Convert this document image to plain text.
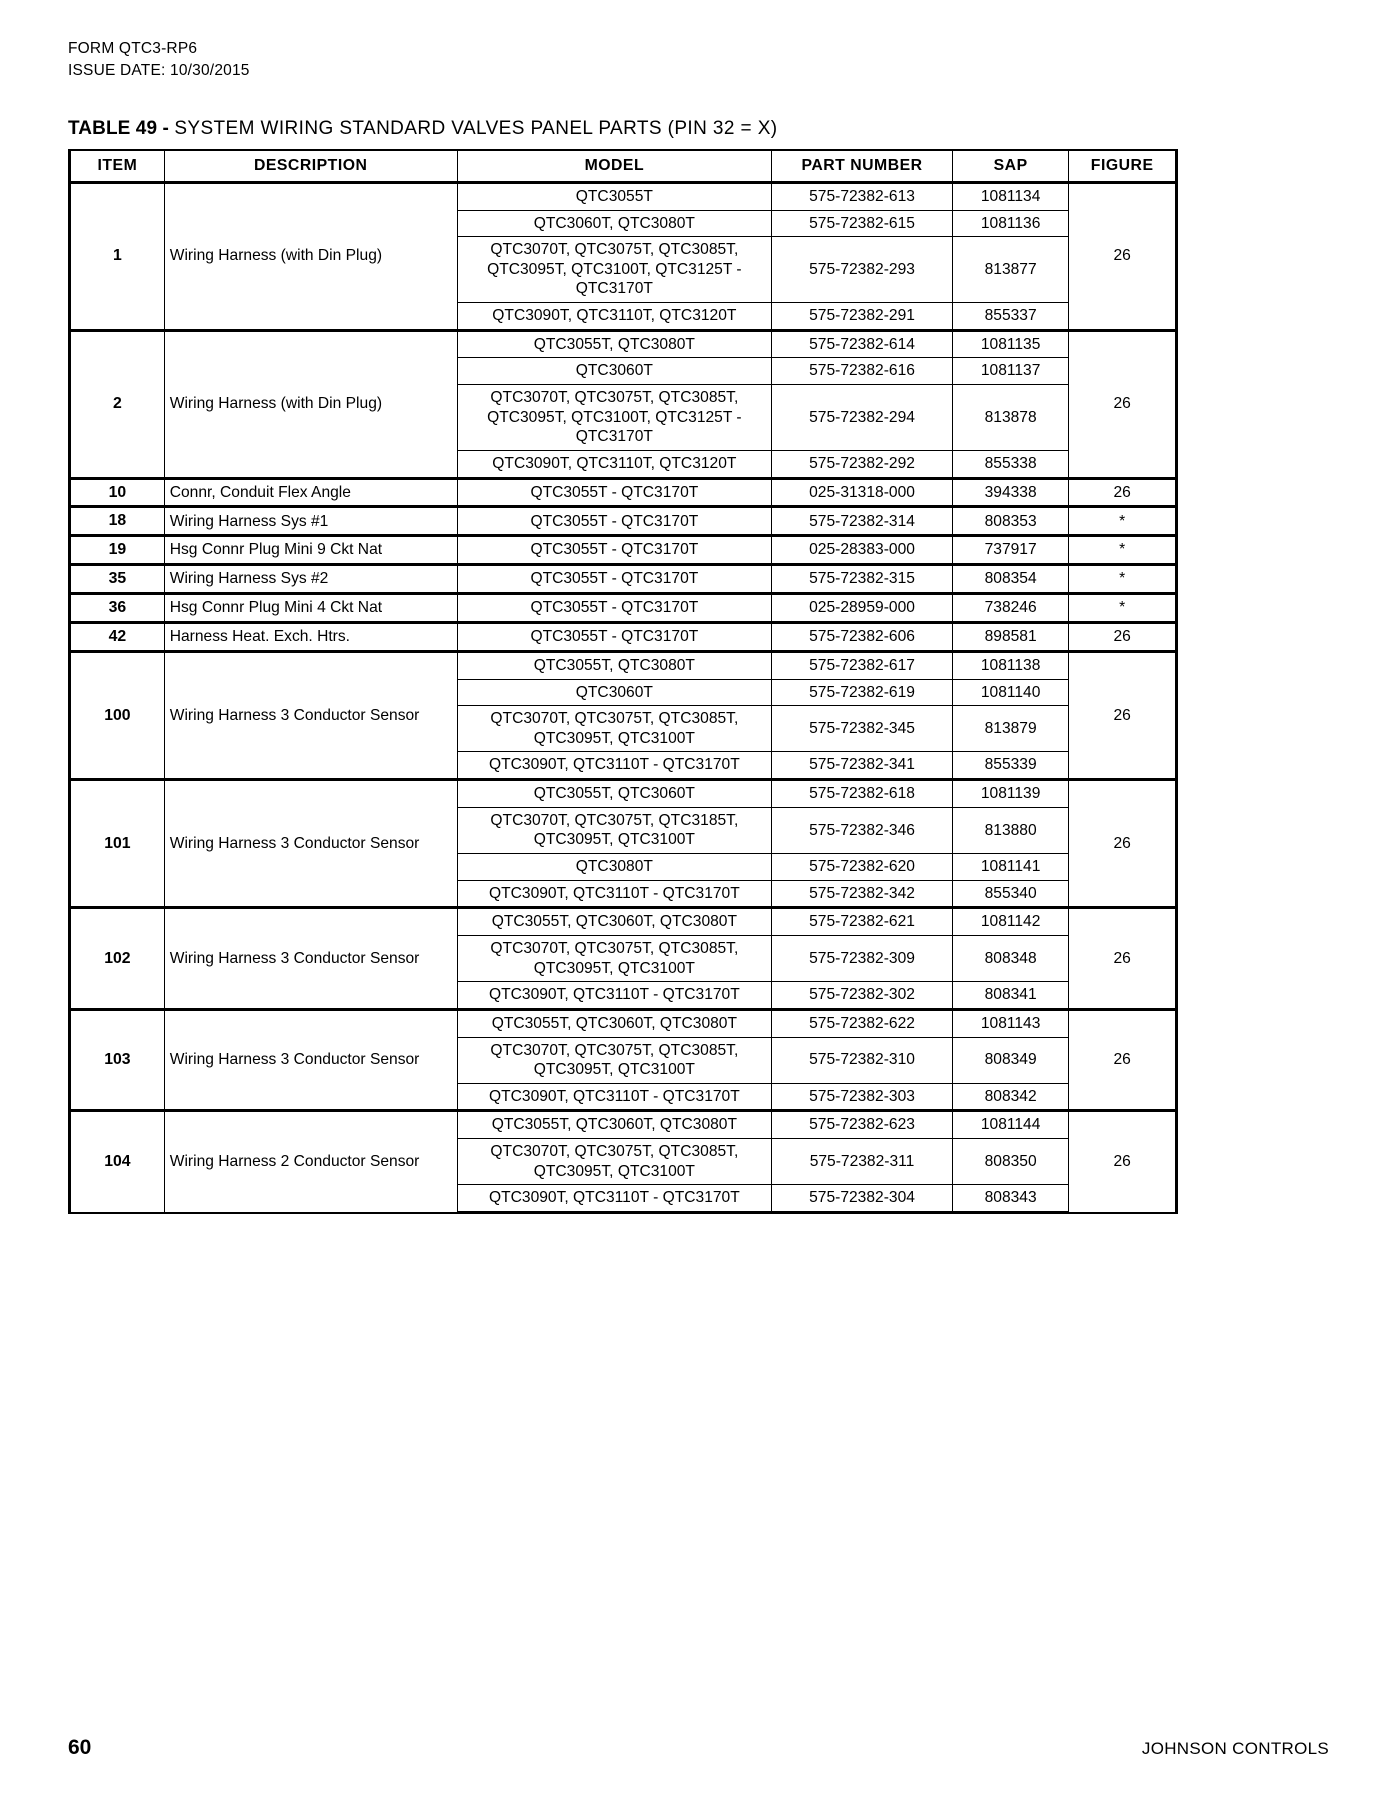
FORM QTC3-RP6
ISSUE DATE: 10/30/2015
TABLE 49 - SYSTEM WIRING STANDARD VALVES PANEL PARTS (PIN 32 = X)
ITEM	DESCRIPTION	MODEL	PART NUMBER	SAP	FIGURE
1	Wiring Harness (with Din Plug)	QTC3055T	575-72382-613	1081134	26
		QTC3060T, QTC3080T	575-72382-615	1081136	
		QTC3070T, QTC3075T, QTC3085T, QTC3095T, QTC3100T, QTC3125T - QTC3170T	575-72382-293	813877	
		QTC3090T, QTC3110T, QTC3120T	575-72382-291	855337	
2	Wiring Harness (with Din Plug)	QTC3055T, QTC3080T	575-72382-614	1081135	26
		QTC3060T	575-72382-616	1081137	
		QTC3070T, QTC3075T, QTC3085T, QTC3095T, QTC3100T, QTC3125T - QTC3170T	575-72382-294	813878	
		QTC3090T, QTC3110T, QTC3120T	575-72382-292	855338	
10	Connr, Conduit Flex Angle	QTC3055T - QTC3170T	025-31318-000	394338	26
18	Wiring Harness Sys #1	QTC3055T - QTC3170T	575-72382-314	808353	*
19	Hsg Connr Plug Mini 9 Ckt Nat	QTC3055T - QTC3170T	025-28383-000	737917	*
35	Wiring Harness Sys #2	QTC3055T - QTC3170T	575-72382-315	808354	*
36	Hsg Connr Plug Mini 4 Ckt Nat	QTC3055T - QTC3170T	025-28959-000	738246	*
42	Harness Heat. Exch. Htrs.	QTC3055T - QTC3170T	575-72382-606	898581	26
100	Wiring Harness 3 Conductor Sensor	QTC3055T, QTC3080T	575-72382-617	1081138	26
		QTC3060T	575-72382-619	1081140	
		QTC3070T, QTC3075T, QTC3085T, QTC3095T, QTC3100T	575-72382-345	813879	
		QTC3090T, QTC3110T - QTC3170T	575-72382-341	855339	
101	Wiring Harness 3 Conductor Sensor	QTC3055T, QTC3060T	575-72382-618	1081139	26
		QTC3070T, QTC3075T, QTC3185T, QTC3095T, QTC3100T	575-72382-346	813880	
		QTC3080T	575-72382-620	1081141	
		QTC3090T, QTC3110T - QTC3170T	575-72382-342	855340	
102	Wiring Harness 3 Conductor Sensor	QTC3055T, QTC3060T, QTC3080T	575-72382-621	1081142	26
		QTC3070T, QTC3075T, QTC3085T, QTC3095T, QTC3100T	575-72382-309	808348	
		QTC3090T, QTC3110T - QTC3170T	575-72382-302	808341	
103	Wiring Harness 3 Conductor Sensor	QTC3055T, QTC3060T, QTC3080T	575-72382-622	1081143	26
		QTC3070T, QTC3075T, QTC3085T, QTC3095T, QTC3100T	575-72382-310	808349	
		QTC3090T, QTC3110T - QTC3170T	575-72382-303	808342	
104	Wiring Harness 2 Conductor Sensor	QTC3055T, QTC3060T, QTC3080T	575-72382-623	1081144	26
		QTC3070T, QTC3075T, QTC3085T, QTC3095T, QTC3100T	575-72382-311	808350	
		QTC3090T, QTC3110T - QTC3170T	575-72382-304	808343	
60	JOHNSON CONTROLS
